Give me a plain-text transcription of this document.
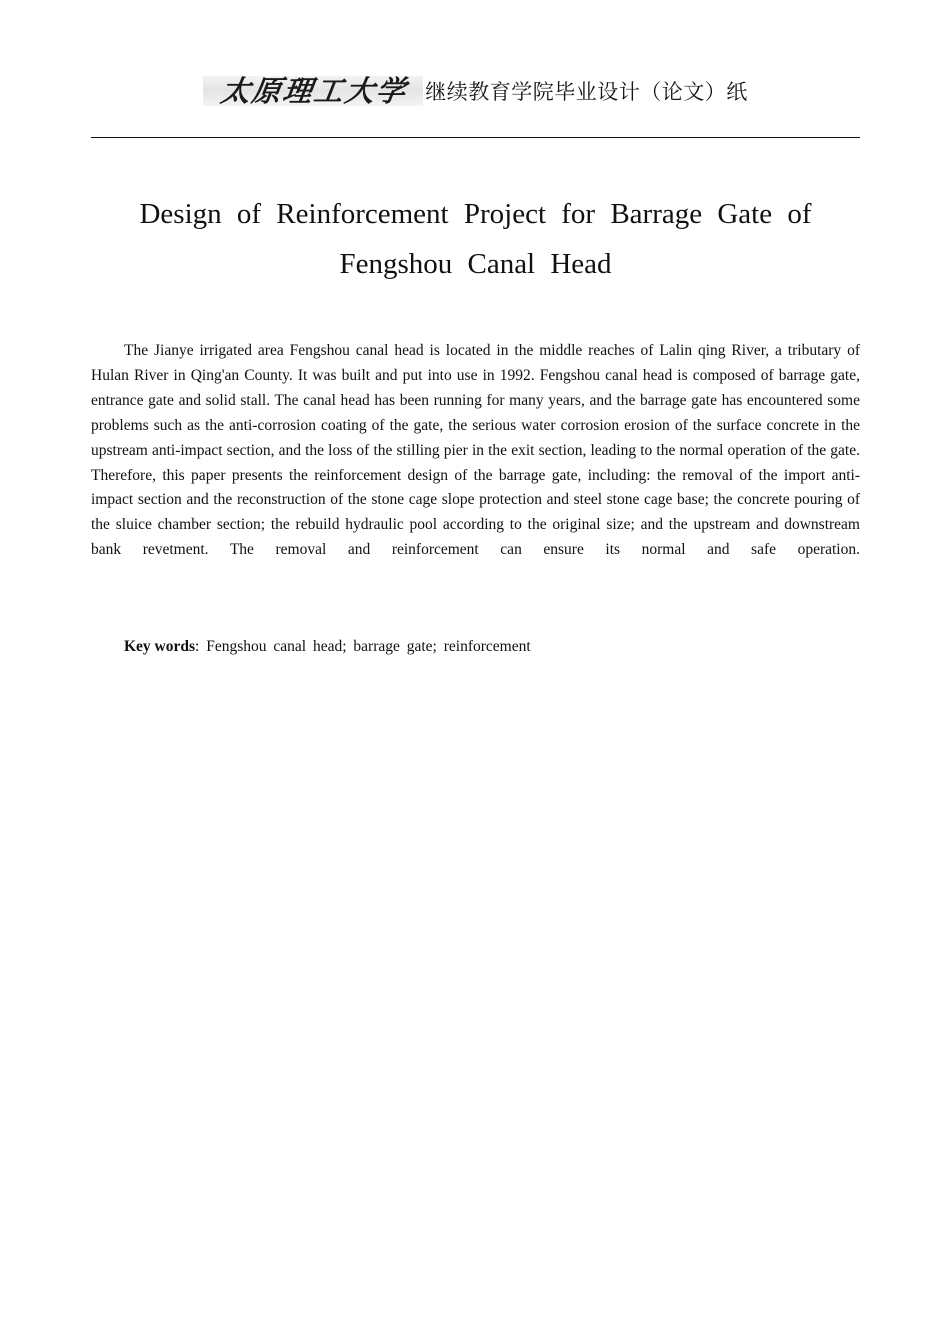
太原理工大学 继续教育学院毕业设计（论文）纸
Design of Reinforcement Project for Barrage Gate of Fengshou Canal Head

The Jianye irrigated area Fengshou canal head is located in the middle reaches of Lalin qing River, a tributary of Hulan River in Qing'an County. It was built and put into use in 1992. Fengshou canal head is composed of barrage gate, entrance gate and solid stall. The canal head has been running for many years, and the barrage gate has encountered some problems such as the anti-corrosion coating of the gate, the serious water corrosion erosion of the surface concrete in the upstream anti-impact section, and the loss of the stilling pier in the exit section, leading to the normal operation of the gate. Therefore, this paper presents the reinforcement design of the barrage gate, including: the removal of the import anti-impact section and the reconstruction of the stone cage slope protection and steel stone cage base; the concrete pouring of the sluice chamber section; the rebuild hydraulic pool according to the original size; and the upstream and downstream bank revetment. The removal and reinforcement can ensure its normal and safe operation.

Key words: Fengshou canal head; barrage gate; reinforcement
